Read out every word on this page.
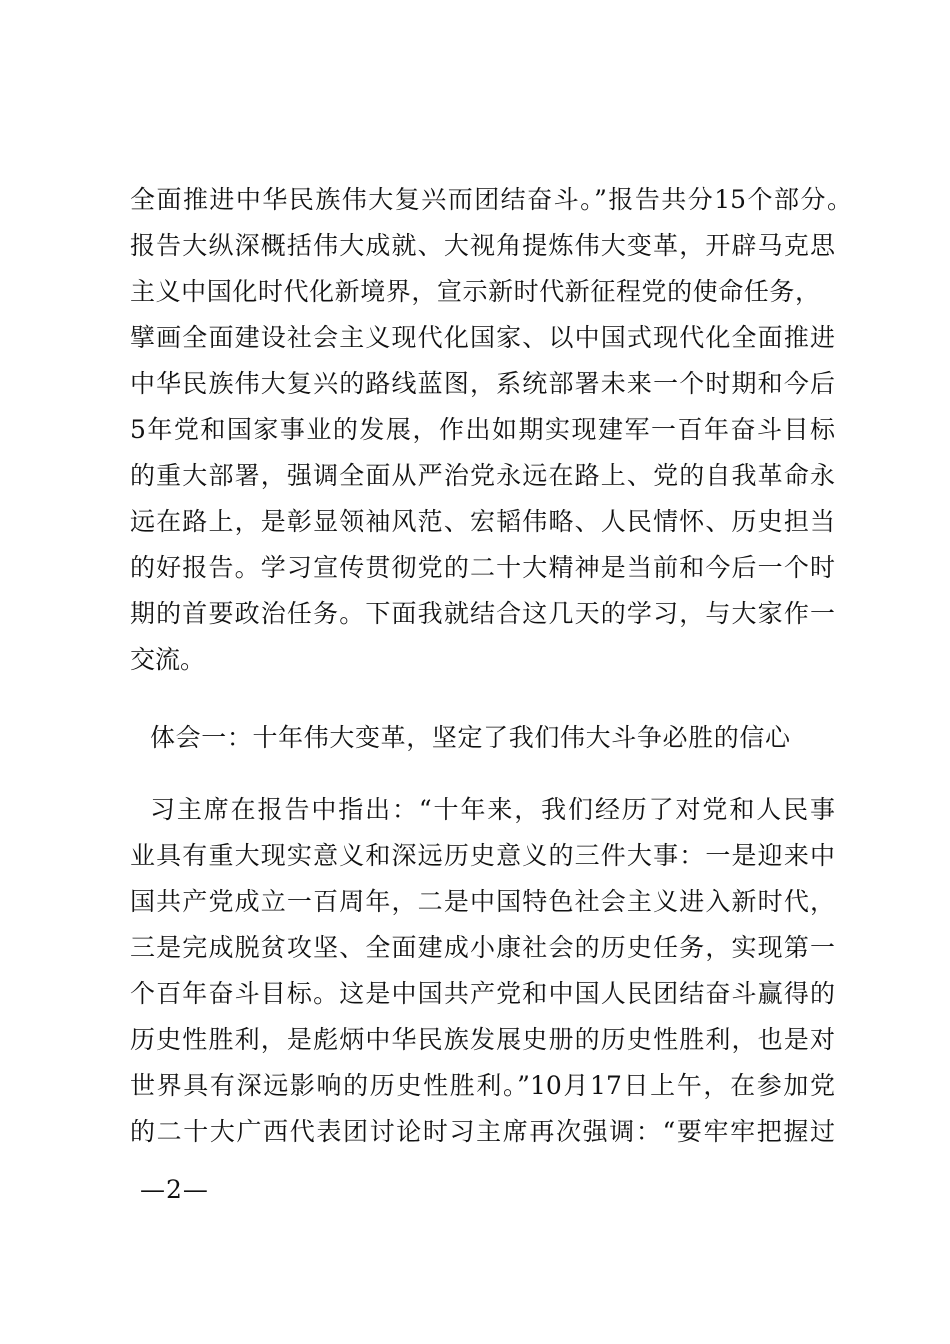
全面推进中华民族伟大复兴而团结奋斗。”报告共分15个部分。
报告大纵深概括伟大成就、大视角提炼伟大变革，开辟马克思
主义中国化时代化新境界，宣示新时代新征程党的使命任务，
擘画全面建设社会主义现代化国家、以中国式现代化全面推进
中华民族伟大复兴的路线蓝图，系统部署未来一个时期和今后
5年党和国家事业的发展，作出如期实现建军一百年奋斗目标
的重大部署，强调全面从严治党永远在路上、党的自我革命永
远在路上，是彰显领袖风范、宏韬伟略、人民情怀、历史担当
的好报告。学习宣传贯彻党的二十大精神是当前和今后一个时
期的首要政治任务。下面我就结合这几天的学习，与大家作一
交流。
体会一：十年伟大变革，坚定了我们伟大斗争必胜的信心
习主席在报告中指出：“十年来，我们经历了对党和人民事
业具有重大现实意义和深远历史意义的三件大事：一是迎来中
国共产党成立一百周年，二是中国特色社会主义进入新时代，
三是完成脱贫攻坚、全面建成小康社会的历史任务，实现第一
个百年奋斗目标。这是中国共产党和中国人民团结奋斗赢得的
历史性胜利，是彪炳中华民族发展史册的历史性胜利，也是对
世界具有深远影响的历史性胜利。”10月17日上午，在参加党
的二十大广西代表团讨论时习主席再次强调：“要牢牢把握过
—2—
